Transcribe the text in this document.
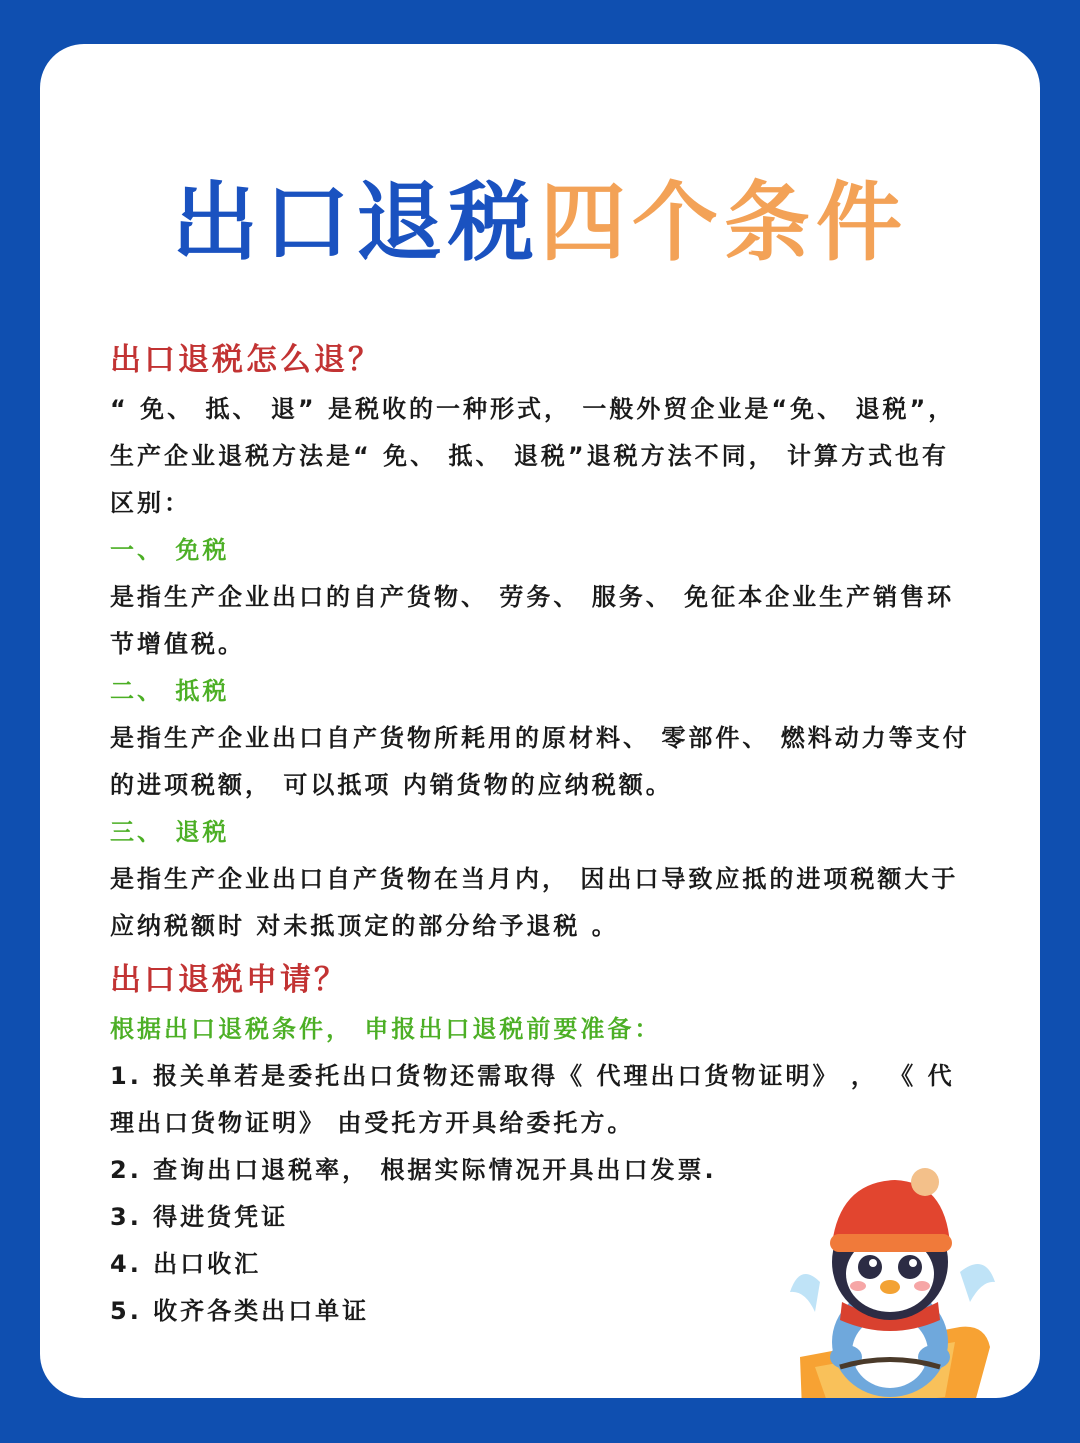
出口退税四个条件

出口退税怎么退？

“ 免、 抵、 退” 是税收的一种形式， 一般外贸企业是“免、 退税”， 生产企业退税方法是“ 免、 抵、 退税”退税方法不同， 计算方式也有 区别：

一、 免税

是指生产企业出口的自产货物、 劳务、 服务、 免征本企业生产销售环节增值税。

二、 抵税

是指生产企业出口自产货物所耗用的原材料、 零部件、 燃料动力等支付的进项税额， 可以抵项 内销货物的应纳税额。

三、 退税

是指生产企业出口自产货物在当月内， 因出口导致应抵的进项税额大于应纳税额时 对未抵顶定的部分给予退税 。

出口退税申请？

根据出口退税条件， 申报出口退税前要准备：

1. 报关单若是委托出口货物还需取得《 代理出口货物证明》 ， 《 代理出口货物证明》 由受托方开具给委托方。

2. 查询出口退税率， 根据实际情况开具出口发票.

3. 得进货凭证

4. 出口收汇

5. 收齐各类出口单证
